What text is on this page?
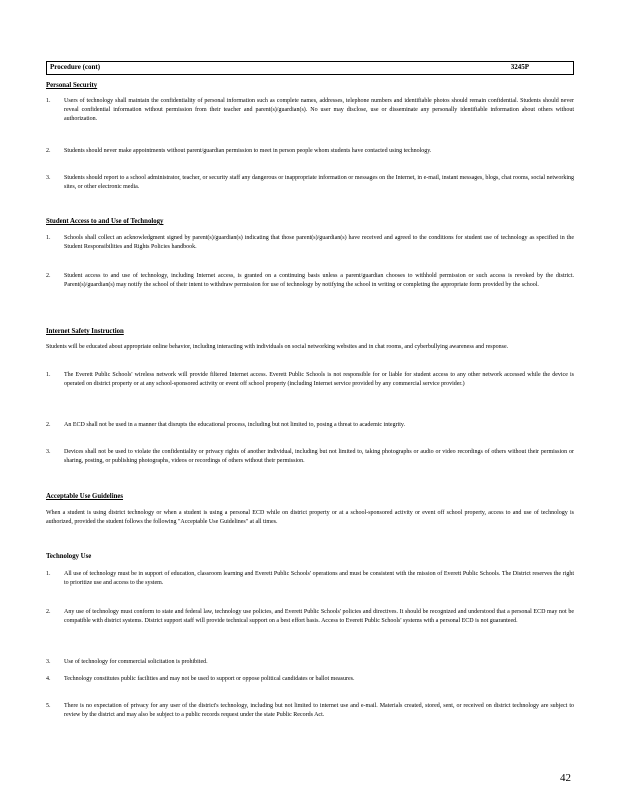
Procedure (cont)	3245P
Personal Security
1. Users of technology shall maintain the confidentiality of personal information such as complete names, addresses, telephone numbers and identifiable photos should remain confidential. Students should never reveal confidential information without permission from their teacher and parent(s)/guardian(s). No user may disclose, use or disseminate any personally identifiable information about others without authorization.
2. Students should never make appointments without parent/guardian permission to meet in person people whom students have contacted using technology.
3. Students should report to a school administrator, teacher, or security staff any dangerous or inappropriate information or messages on the Internet, in e-mail, instant messages, blogs, chat rooms, social networking sites, or other electronic media.
Student Access to and Use of Technology
1. Schools shall collect an acknowledgment signed by parent(s)/guardian(s) indicating that those parent(s)/guardian(s) have received and agreed to the conditions for student use of technology as specified in the Student Responsibilities and Rights Policies handbook.
2. Student access to and use of technology, including Internet access, is granted on a continuing basis unless a parent/guardian chooses to withhold permission or such access is revoked by the district. Parent(s)/guardian(s) may notify the school of their intent to withdraw permission for use of technology by notifying the school in writing or completing the appropriate form provided by the school.
Internet Safety Instruction
Students will be educated about appropriate online behavior, including interacting with individuals on social networking websites and in chat rooms, and cyberbullying awareness and response.
1. The Everett Public Schools' wireless network will provide filtered Internet access. Everett Public Schools is not responsible for or liable for student access to any other network accessed while the device is operated on district property or at any school-sponsored activity or event off school property (including Internet service provided by any commercial service provider.)
2. An ECD shall not be used in a manner that disrupts the educational process, including but not limited to, posing a threat to academic integrity.
3. Devices shall not be used to violate the confidentiality or privacy rights of another individual, including but not limited to, taking photographs or audio or video recordings of others without their permission or sharing, posting, or publishing photographs, videos or recordings of others without their permission.
Acceptable Use Guidelines
When a student is using district technology or when a student is using a personal ECD while on district property or at a school-sponsored activity or event off school property, access to and use of technology is authorized, provided the student follows the following "Acceptable Use Guidelines" at all times.
Technology Use
1. All use of technology must be in support of education, classroom learning and Everett Public Schools' operations and must be consistent with the mission of Everett Public Schools. The District reserves the right to prioritize use and access to the system.
2. Any use of technology must conform to state and federal law, technology use policies, and Everett Public Schools' policies and directives. It should be recognized and understood that a personal ECD may not be compatible with district systems. District support staff will provide technical support on a best effort basis. Access to Everett Public Schools' systems with a personal ECD is not guaranteed.
3. Use of technology for commercial solicitation is prohibited.
4. Technology constitutes public facilities and may not be used to support or oppose political candidates or ballot measures.
5. There is no expectation of privacy for any user of the district's technology, including but not limited to internet use and e-mail. Materials created, stored, sent, or received on district technology are subject to review by the district and may also be subject to a public records request under the state Public Records Act.
42
